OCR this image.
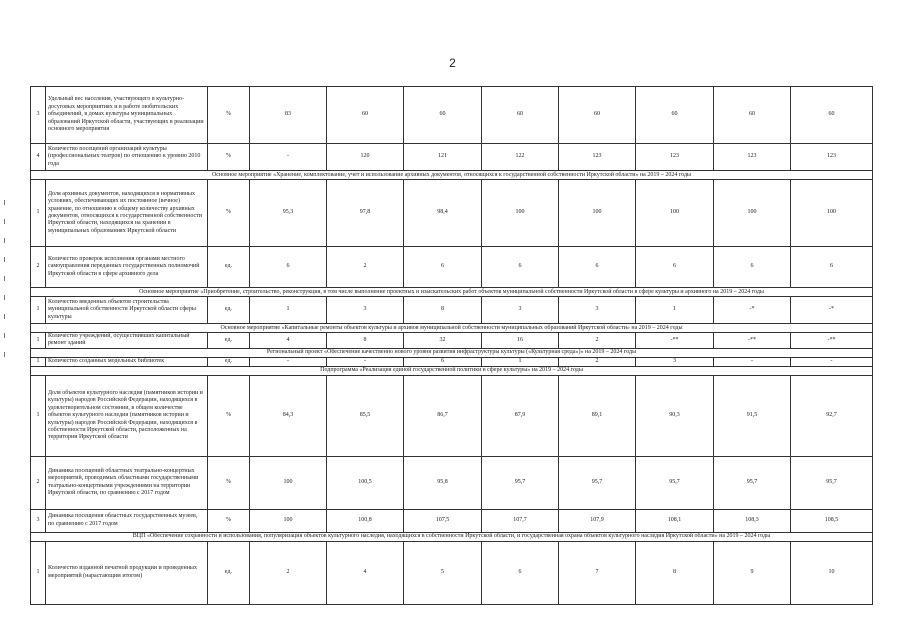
2
3	Удельный вес населения, участвующего в культурно-досуговых мероприятиях и в работе любительских объединений, в домах культуры муниципальных образований Иркутской области, участвующих в реализации основного мероприятия	%	83	60	60	60	60	60	60	60
4	Количество посещений организаций культуры (профессиональных театров) по отношению к уровню 2010 года	%	-	120	121	122	123	123	123	123
Основное мероприятие «Хранение, комплектование, учет и использование архивных документов, относящихся к государственной собственности Иркутской области» на 2019 – 2024 годы										
1	Доля архивных документов, находящихся в нормативных условиях, обеспечивающих их постоянное (вечное) хранение, по отношению к общему количеству архивных документов, относящихся к государственной собственности Иркутской области, находящихся на хранении в муниципальных образованиях Иркутской области	%	95,3	97,8	98,4	100	100	100	100	100
2	Количество проверок исполнения органами местного самоуправления переданных государственных полномочий Иркутской области в сфере архивного дела	ед.	6	2	6	6	6	6	6	6
Основное мероприятие «Приобретение, строительство, реконструкция, в том числе выполнение проектных и изыскательских работ объектов муниципальной собственности Иркутской области в сфере культуры и архивного на 2019 – 2024 годы										
1	Количество введенных объектов строительства муниципальной собственности Иркутской области сферы культуры	ед.	1	3	8	3	3	1	-*	-*
Основное мероприятие «Капитальные ремонты объектов культуры и архивов муниципальной собственности муниципальных образований Иркутской области» на 2019 – 2024 годы										
1	Количество учреждений, осуществивших капитальный ремонт зданий	ед.	4	8	32	16	2	-**	-**	-**
Региональный проект «Обеспечение качественно нового уровня развития инфраструктуры культуры («Культурная среда»)» на 2019 – 2024 годы										
1	Количество созданных модельных библиотек	ед.	-	-	6	1	2	3	-	-
Подпрограмма «Реализация единой государственной политики в сфере культуры» на 2019 – 2024 годы										
1	Доля объектов культурного наследия (памятников истории и культуры) народов Российской Федерации, находящихся в удовлетворительном состоянии, в общем количестве объектов культурного наследия (памятников истории и культуры) народов Российской Федерации, находящихся в собственности Иркутской области, расположенных на территории Иркутской области	%	84,3	85,5	86,7	87,9	89,1	90,3	91,5	92,7
2	Динамика посещений областных театрально-концертных мероприятий, проводимых областными государственными театрально-концертными учреждениями на территории Иркутской области, по сравнению с 2017 годом	%	100	100,5	95,8	95,7	95,7	95,7	95,7	95,7
3	Динамика посещения областных государственных музеев, по сравнению с 2017 годом	%	100	100,8	107,5	107,7	107,9	108,1	108,3	108,5
ВЦП «Обеспечение сохранности и использования, популяризация объектов культурного наследия, находящихся в собственности Иркутской области, и государственная охрана объектов культурного наследия Иркутской области» на 2019 – 2024 годы										
1	Количество изданной печатной продукции и проведенных мероприятий (нарастающим итогом)	ед.	2	4	5	6	7	8	9	10
